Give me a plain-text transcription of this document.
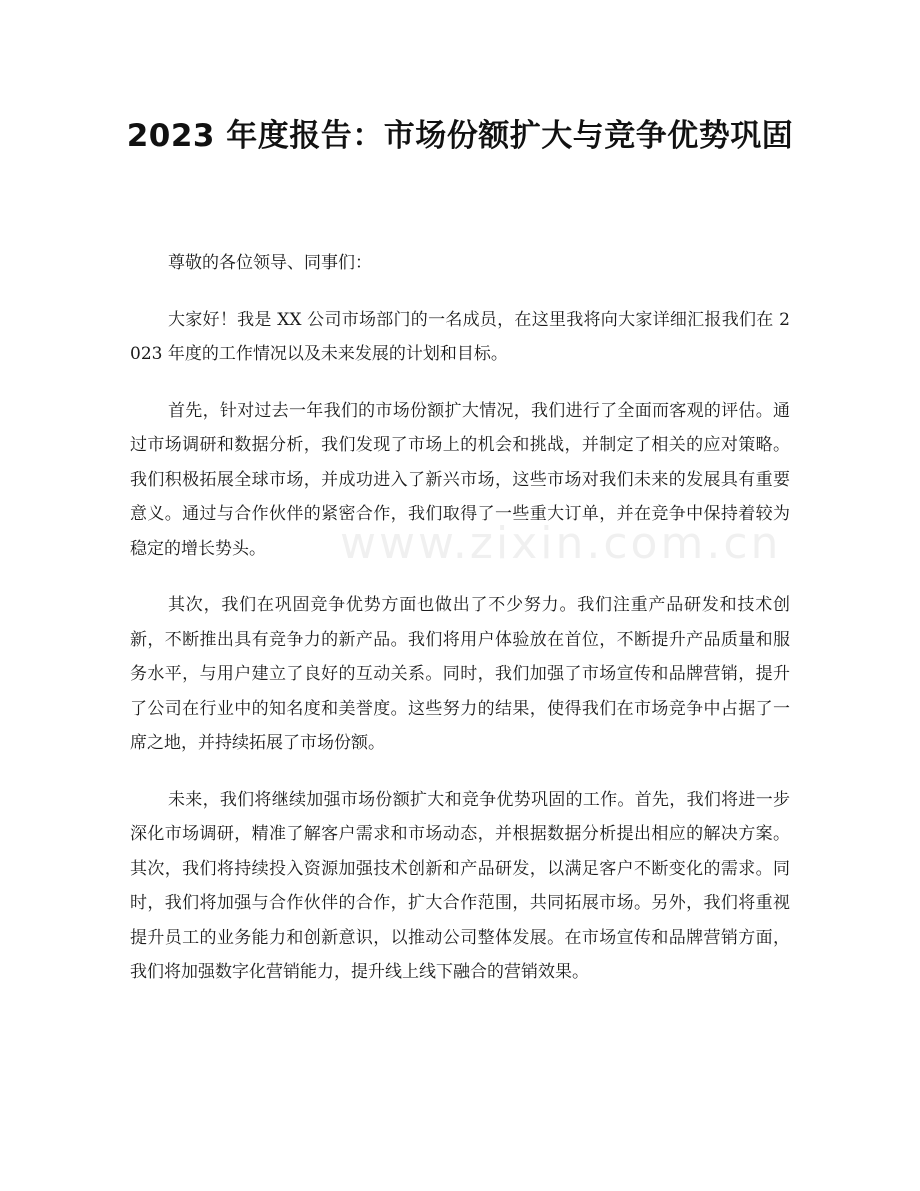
2023 年度报告：市场份额扩大与竞争优势巩固
www.zixin.com.cn

尊敬的各位领导、同事们：

大家好！我是 XX 公司市场部门的一名成员，在这里我将向大家详细汇报我们在 2023 年度的工作情况以及未来发展的计划和目标。

首先，针对过去一年我们的市场份额扩大情况，我们进行了全面而客观的评估。通过市场调研和数据分析，我们发现了市场上的机会和挑战，并制定了相关的应对策略。我们积极拓展全球市场，并成功进入了新兴市场，这些市场对我们未来的发展具有重要意义。通过与合作伙伴的紧密合作，我们取得了一些重大订单，并在竞争中保持着较为稳定的增长势头。

其次，我们在巩固竞争优势方面也做出了不少努力。我们注重产品研发和技术创新，不断推出具有竞争力的新产品。我们将用户体验放在首位，不断提升产品质量和服务水平，与用户建立了良好的互动关系。同时，我们加强了市场宣传和品牌营销，提升了公司在行业中的知名度和美誉度。这些努力的结果，使得我们在市场竞争中占据了一席之地，并持续拓展了市场份额。

未来，我们将继续加强市场份额扩大和竞争优势巩固的工作。首先，我们将进一步深化市场调研，精准了解客户需求和市场动态，并根据数据分析提出相应的解决方案。其次，我们将持续投入资源加强技术创新和产品研发，以满足客户不断变化的需求。同时，我们将加强与合作伙伴的合作，扩大合作范围，共同拓展市场。另外，我们将重视提升员工的业务能力和创新意识，以推动公司整体发展。在市场宣传和品牌营销方面，我们将加强数字化营销能力，提升线上线下融合的营销效果。
